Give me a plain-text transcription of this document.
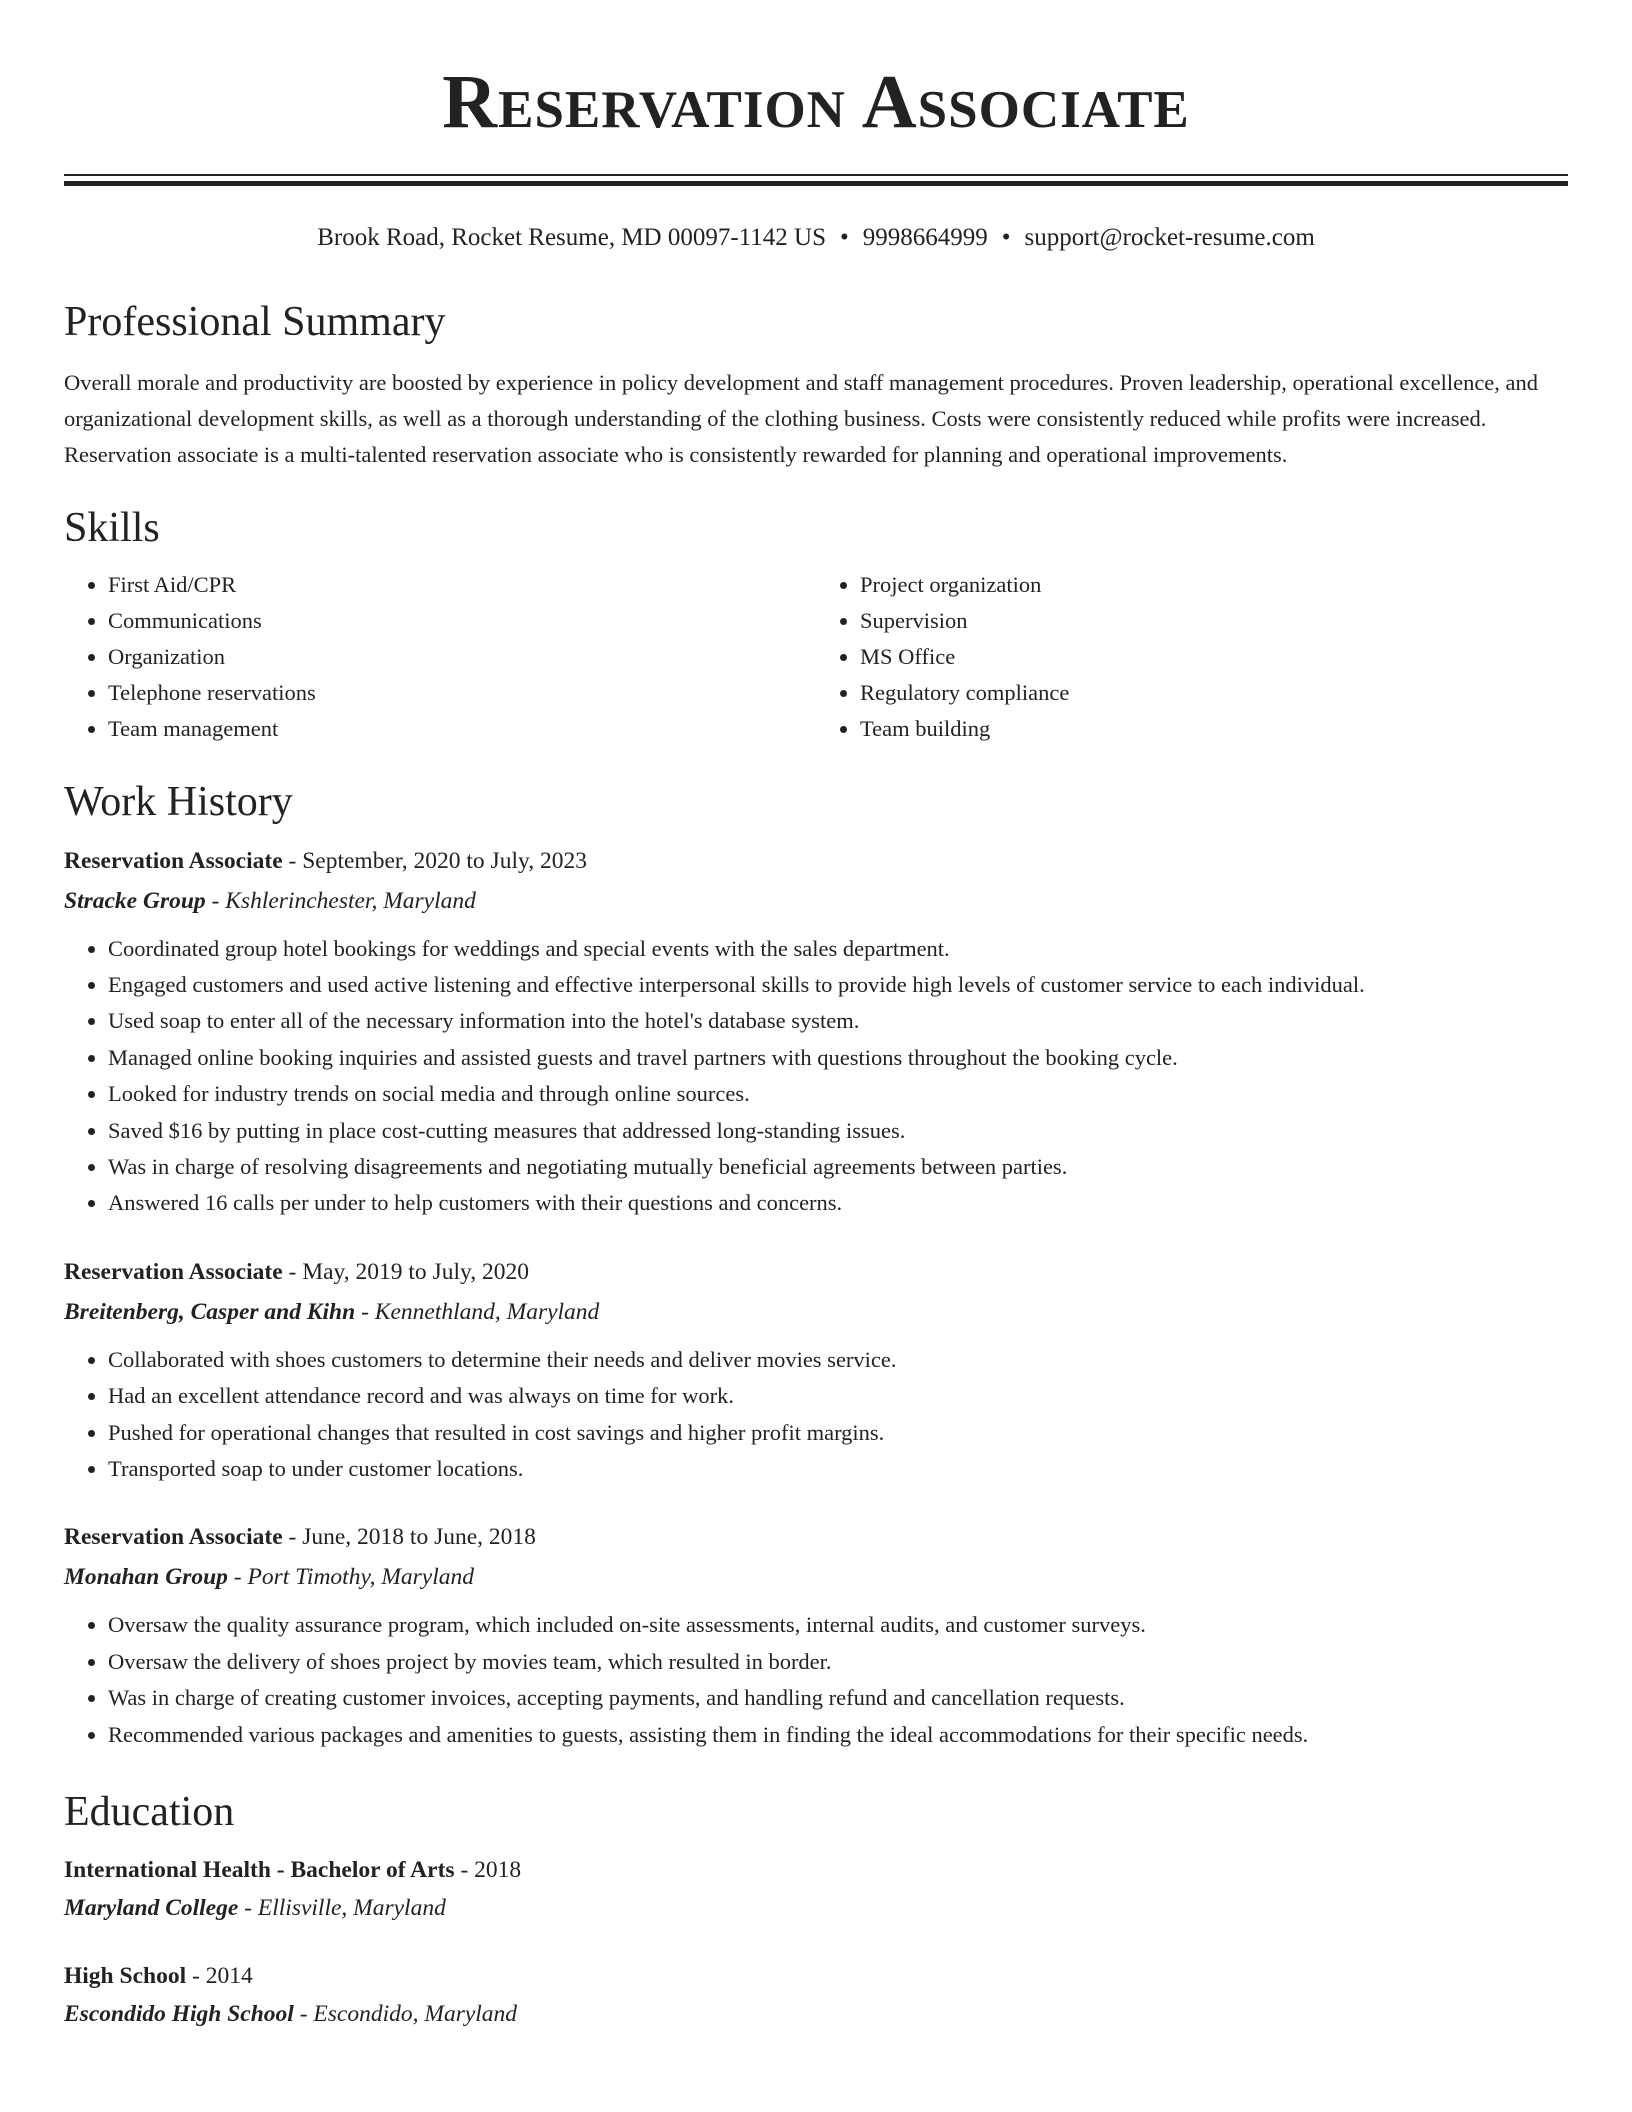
Reservation Associate
Brook Road, Rocket Resume, MD 00097-1142 US • 9998664999 • support@rocket-resume.com
Professional Summary

Overall morale and productivity are boosted by experience in policy development and staff management procedures. Proven leadership, operational excellence, and organizational development skills, as well as a thorough understanding of the clothing business. Costs were consistently reduced while profits were increased. Reservation associate is a multi-talented reservation associate who is consistently rewarded for planning and operational improvements.

Skills
• First Aid/CPR
• Communications
• Organization
• Telephone reservations
• Team management
• Project organization
• Supervision
• MS Office
• Regulatory compliance
• Team building
Work History
Reservation Associate - September, 2020 to July, 2023
Stracke Group - Kshlerinchester, Maryland
• Coordinated group hotel bookings for weddings and special events with the sales department.
• Engaged customers and used active listening and effective interpersonal skills to provide high levels of customer service to each individual.
• Used soap to enter all of the necessary information into the hotel's database system.
• Managed online booking inquiries and assisted guests and travel partners with questions throughout the booking cycle.
• Looked for industry trends on social media and through online sources.
• Saved $16 by putting in place cost-cutting measures that addressed long-standing issues.
• Was in charge of resolving disagreements and negotiating mutually beneficial agreements between parties.
• Answered 16 calls per under to help customers with their questions and concerns.
Reservation Associate - May, 2019 to July, 2020
Breitenberg, Casper and Kihn - Kennethland, Maryland
• Collaborated with shoes customers to determine their needs and deliver movies service.
• Had an excellent attendance record and was always on time for work.
• Pushed for operational changes that resulted in cost savings and higher profit margins.
• Transported soap to under customer locations.
Reservation Associate - June, 2018 to June, 2018
Monahan Group - Port Timothy, Maryland
• Oversaw the quality assurance program, which included on-site assessments, internal audits, and customer surveys.
• Oversaw the delivery of shoes project by movies team, which resulted in border.
• Was in charge of creating customer invoices, accepting payments, and handling refund and cancellation requests.
• Recommended various packages and amenities to guests, assisting them in finding the ideal accommodations for their specific needs.
Education
International Health - Bachelor of Arts - 2018
Maryland College - Ellisville, Maryland
High School - 2014
Escondido High School - Escondido, Maryland
